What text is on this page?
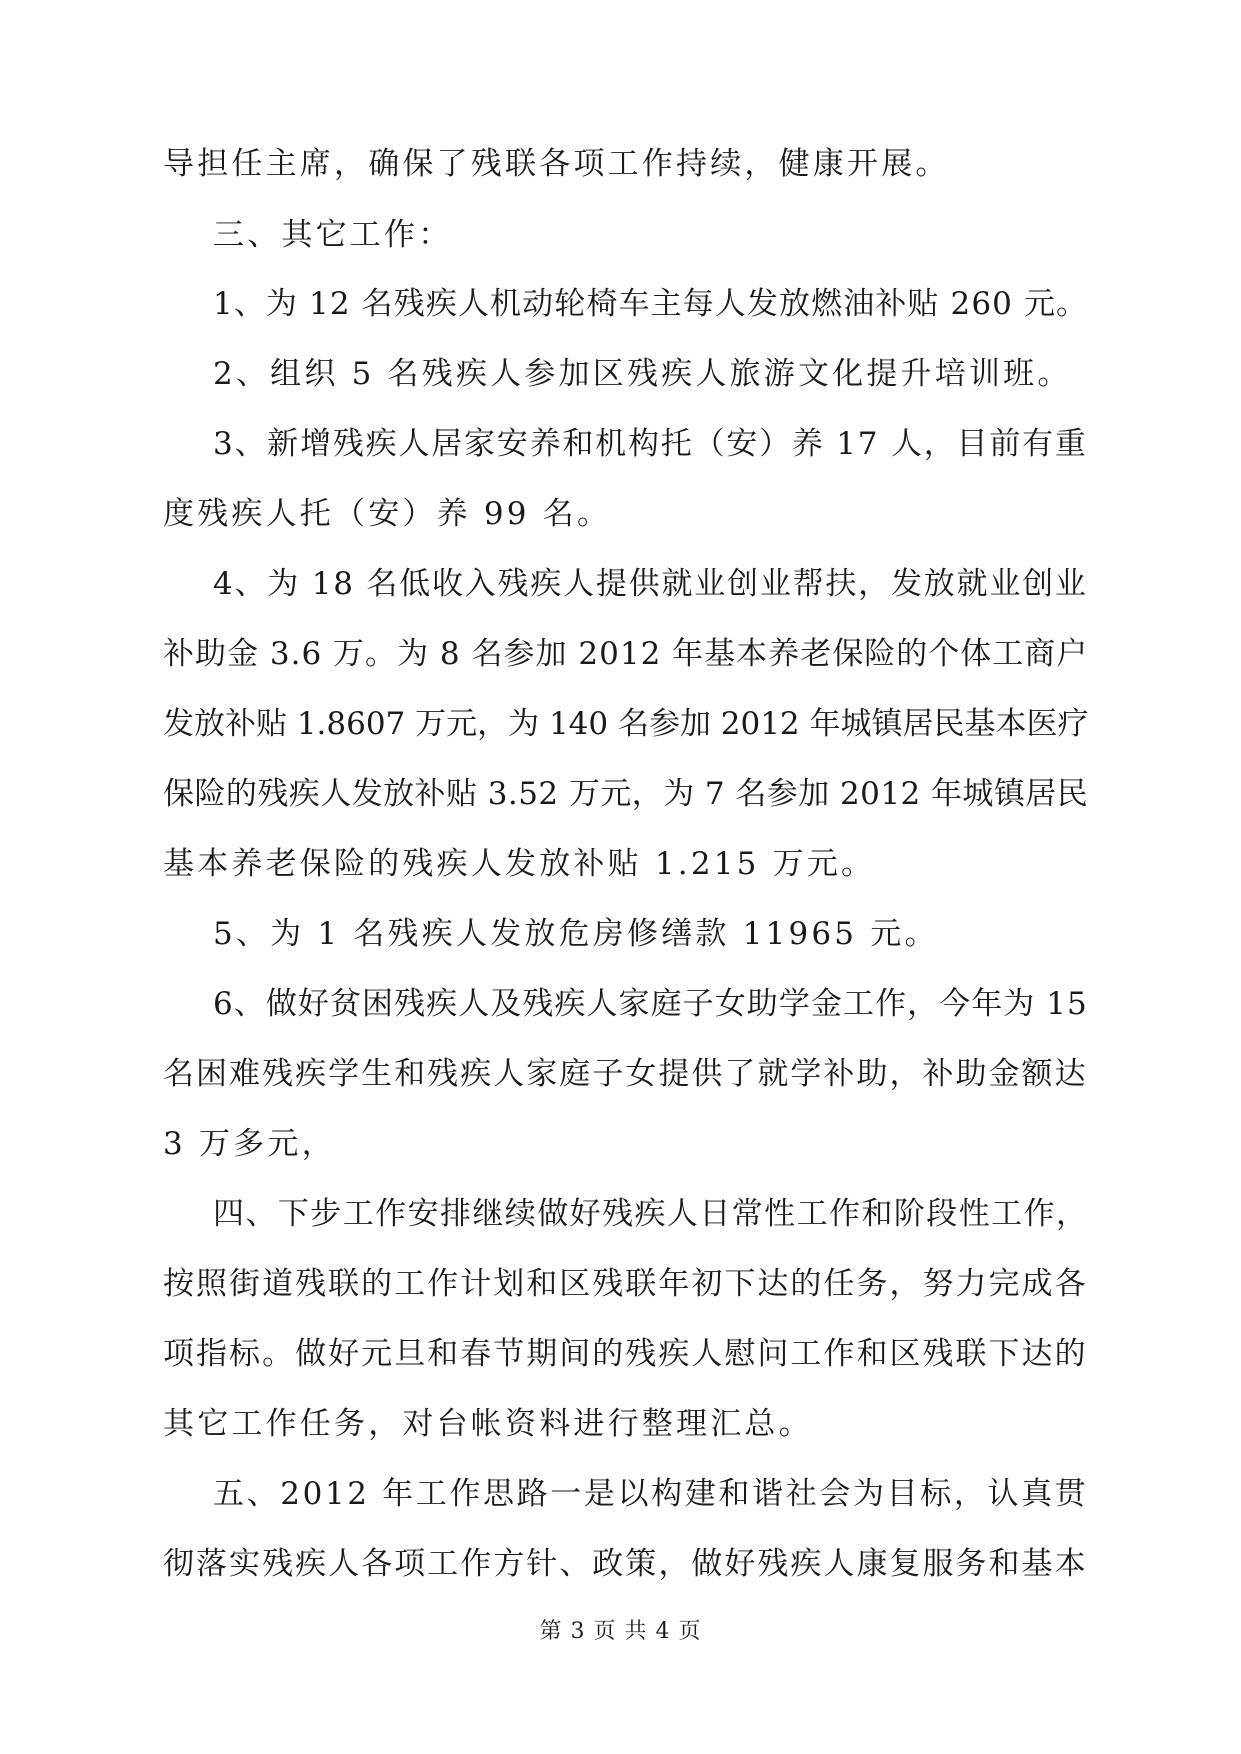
导担任主席，确保了残联各项工作持续，健康开展。
三、其它工作：
1、为 12 名残疾人机动轮椅车主每人发放燃油补贴 260 元。
2、组织 5 名残疾人参加区残疾人旅游文化提升培训班。
3、新增残疾人居家安养和机构托（安）养 17 人，目前有重
度残疾人托（安）养 99 名。
4、为 18 名低收入残疾人提供就业创业帮扶，发放就业创业
补助金 3.6 万。为 8 名参加 2012 年基本养老保险的个体工商户
发放补贴 1.8607 万元，为 140 名参加 2012 年城镇居民基本医疗
保险的残疾人发放补贴 3.52 万元，为 7 名参加 2012 年城镇居民
基本养老保险的残疾人发放补贴 1.215 万元。
5、为 1 名残疾人发放危房修缮款 11965 元。
6、做好贫困残疾人及残疾人家庭子女助学金工作，今年为 15
名困难残疾学生和残疾人家庭子女提供了就学补助，补助金额达
3 万多元，
四、下步工作安排继续做好残疾人日常性工作和阶段性工作，
按照街道残联的工作计划和区残联年初下达的任务，努力完成各
项指标。做好元旦和春节期间的残疾人慰问工作和区残联下达的
其它工作任务，对台帐资料进行整理汇总。
五、2012 年工作思路一是以构建和谐社会为目标，认真贯
彻落实残疾人各项工作方针、政策，做好残疾人康复服务和基本
第 3 页 共 4 页
